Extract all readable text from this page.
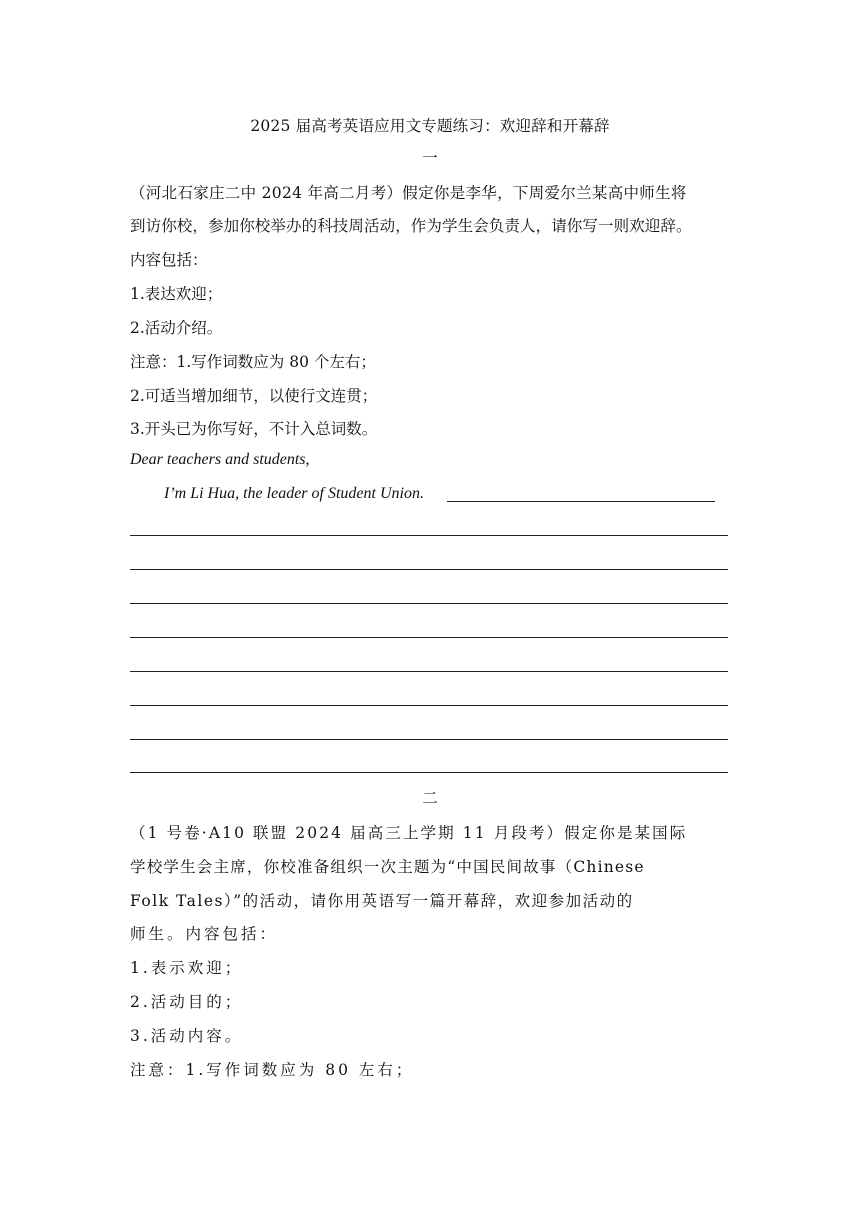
2025 届高考英语应用文专题练习：欢迎辞和开幕辞
一
（河北石家庄二中 2024 年高二月考）假定你是李华，下周爱尔兰某高中师生将
到访你校，参加你校举办的科技周活动，作为学生会负责人，请你写一则欢迎辞。
内容包括：
1.表达欢迎；
2.活动介绍。
注意：1.写作词数应为 80 个左右；
2.可适当增加细节，以使行文连贯；
3.开头已为你写好，不计入总词数。
Dear teachers and students,
I’m Li Hua, the leader of Student Union.
二
（1 号卷·A10 联盟 2024 届高三上学期 11 月段考）假定你是某国际
学校学生会主席，你校准备组织一次主题为“中国民间故事（Chinese
Folk Tales）”的活动，请你用英语写一篇开幕辞，欢迎参加活动的
师生。内容包括：
1.表示欢迎；
2.活动目的；
3.活动内容。
注意：1.写作词数应为 80 左右；
